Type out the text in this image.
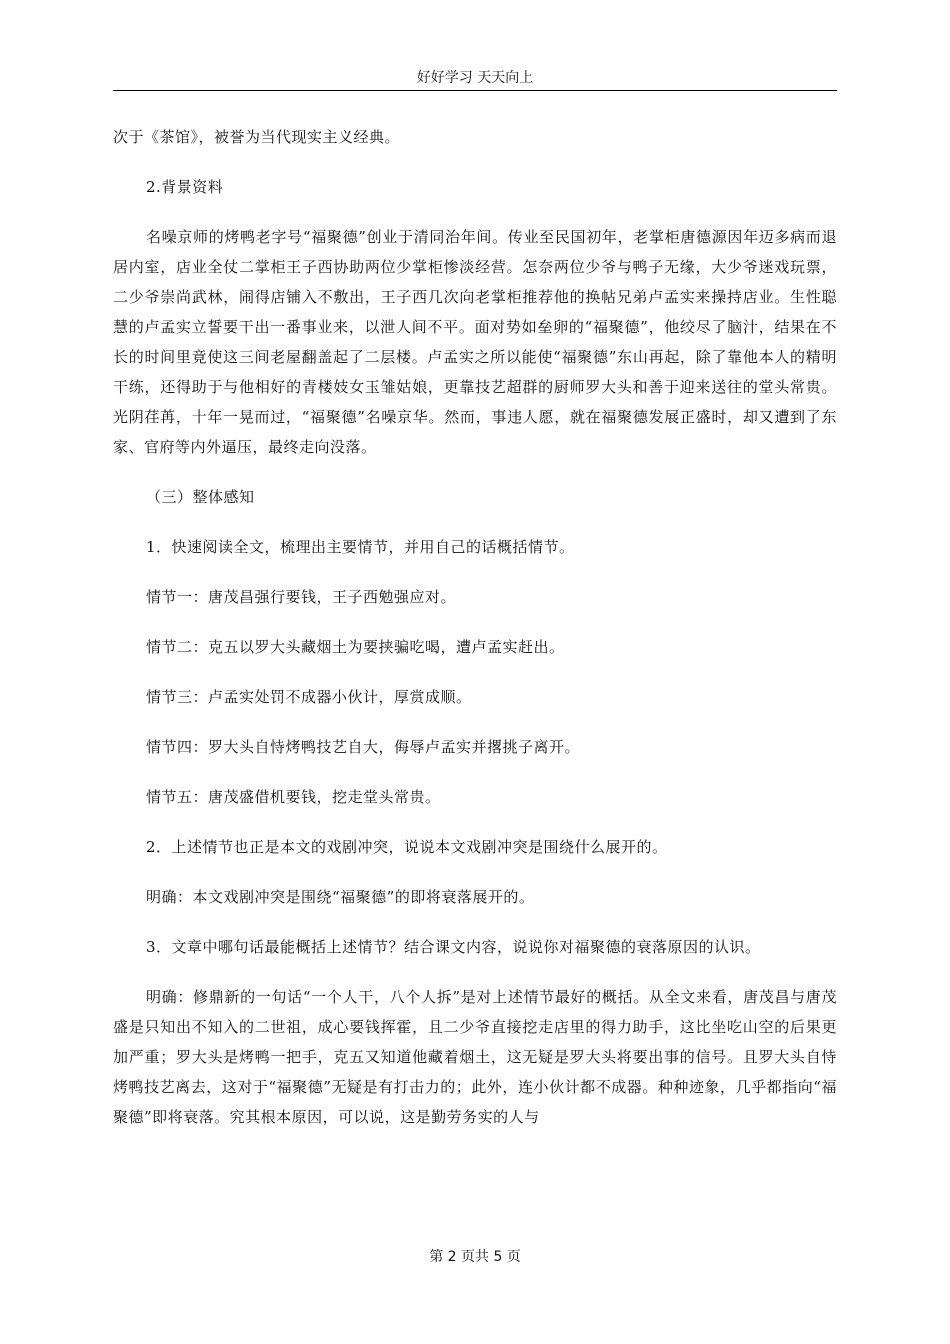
好好学习 天天向上

次于《茶馆》，被誉为当代现实主义经典。

2.背景资料

名噪京师的烤鸭老字号“福聚德”创业于清同治年间。传业至民国初年，老掌柜唐德源因年迈多病而退居内室，店业全仗二掌柜王子西协助两位少掌柜惨淡经营。怎奈两位少爷与鸭子无缘，大少爷迷戏玩票，二少爷崇尚武林，闹得店铺入不敷出，王子西几次向老掌柜推荐他的换帖兄弟卢孟实来操持店业。生性聪慧的卢孟实立誓要干出一番事业来，以泄人间不平。面对势如垒卵的“福聚德”，他绞尽了脑汁，结果在不长的时间里竟使这三间老屋翻盖起了二层楼。卢孟实之所以能使“福聚德”东山再起，除了靠他本人的精明干练，还得助于与他相好的青楼妓女玉雏姑娘，更靠技艺超群的厨师罗大头和善于迎来送往的堂头常贵。光阴荏苒，十年一晃而过，“福聚德”名噪京华。然而，事违人愿，就在福聚德发展正盛时，却又遭到了东家、官府等内外逼压，最终走向没落。

（三）整体感知

1．快速阅读全文，梳理出主要情节，并用自己的话概括情节。

情节一：唐茂昌强行要钱，王子西勉强应对。

情节二：克五以罗大头藏烟土为要挟骗吃喝，遭卢孟实赶出。

情节三：卢孟实处罚不成器小伙计，厚赏成顺。

情节四：罗大头自恃烤鸭技艺自大，侮辱卢孟实并撂挑子离开。

情节五：唐茂盛借机要钱，挖走堂头常贵。

2．上述情节也正是本文的戏剧冲突，说说本文戏剧冲突是围绕什么展开的。

明确：本文戏剧冲突是围绕“福聚德”的即将衰落展开的。

3．文章中哪句话最能概括上述情节？结合课文内容，说说你对福聚德的衰落原因的认识。

明确：修鼎新的一句话“一个人干，八个人拆”是对上述情节最好的概括。从全文来看，唐茂昌与唐茂盛是只知出不知入的二世祖，成心要钱挥霍，且二少爷直接挖走店里的得力助手，这比坐吃山空的后果更加严重；罗大头是烤鸭一把手，克五又知道他藏着烟土，这无疑是罗大头将要出事的信号。且罗大头自恃烤鸭技艺离去，这对于“福聚德”无疑是有打击力的；此外，连小伙计都不成器。种种迹象，几乎都指向“福聚德”即将衰落。究其根本原因，可以说，这是勤劳务实的人与

第 2 页共 5 页
